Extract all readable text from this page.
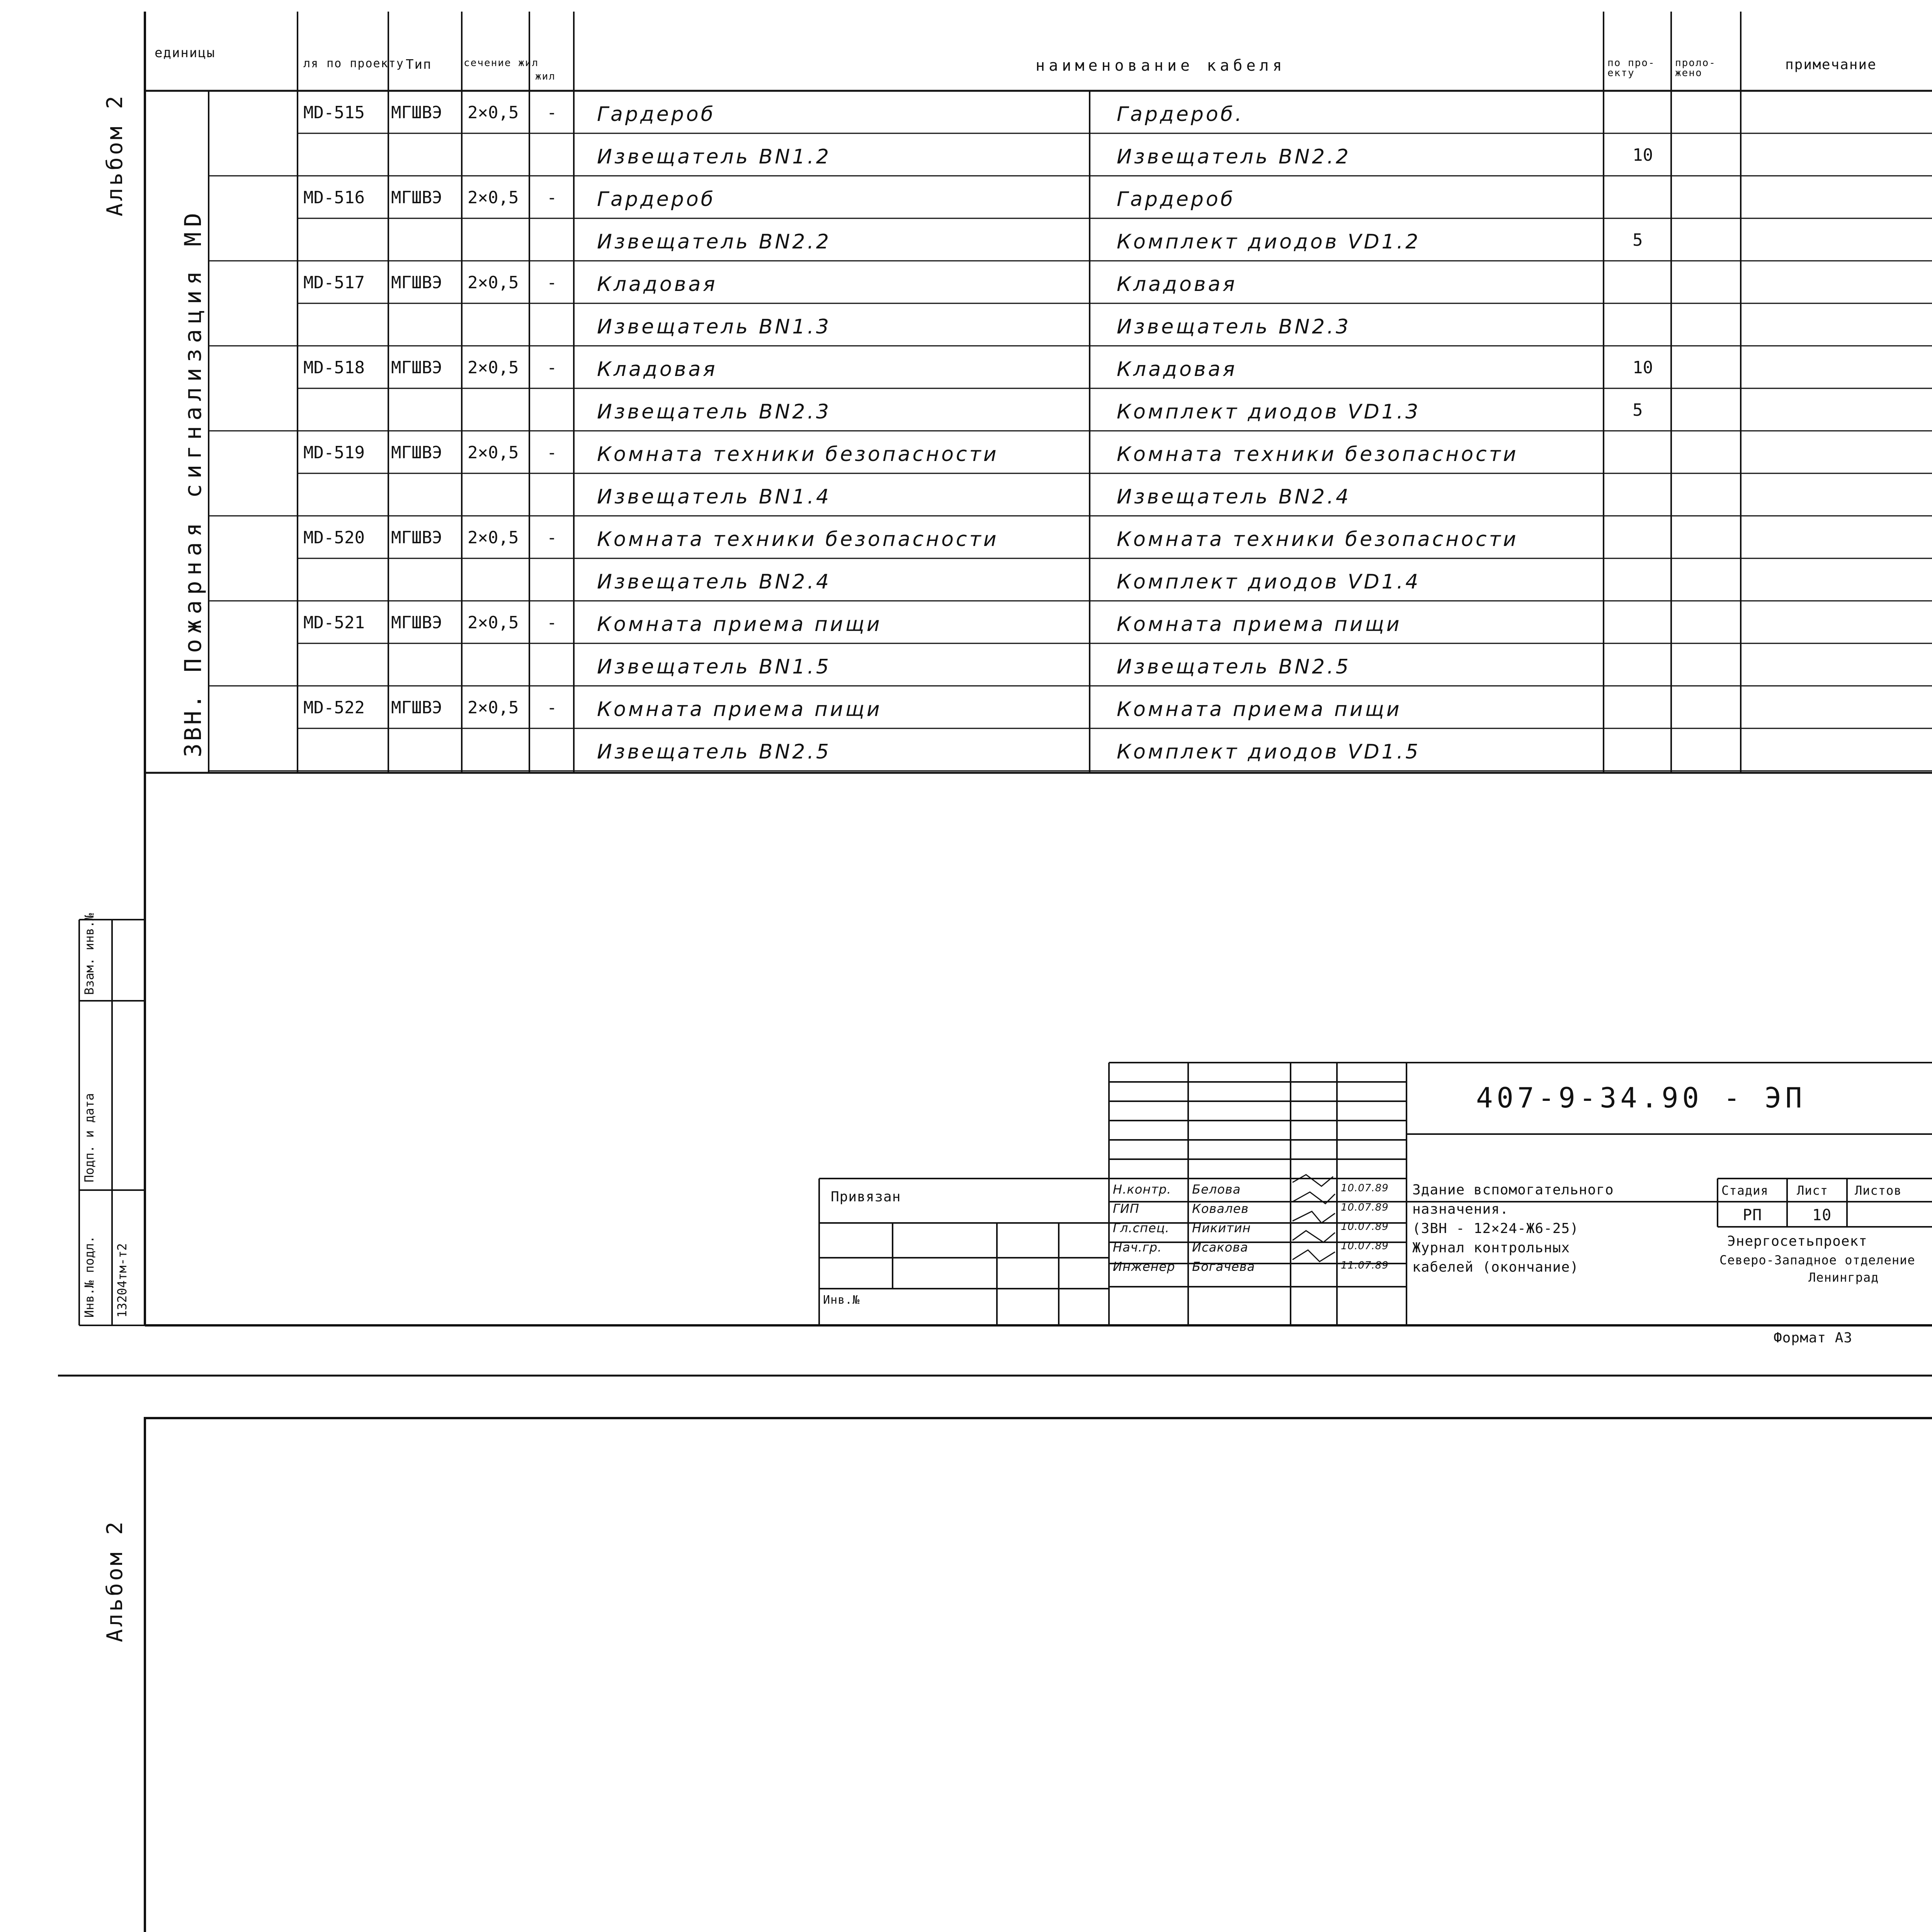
единицы
ля по проекту Тип	сечение жил
жил
наименование кабеля	по про- екту
проло- жено
примечание
MD-515 МГШВЭ 2×0,5 - Гардероб	Гардероб.
Извещатель ВN1.2	Извещатель ВN2.2	10
MD-516 МГШВЭ 2×0,5 - Гардероб	Гардероб
Извещатель ВN2.2	Комплект диодов VD1.2	5
MD-517 МГШВЭ 2×0,5 - Кладовая	Кладовая
Извещатель ВN1.3	Извещатель ВN2.3
MD-518 МГШВЭ 2×0,5 - Кладовая	Кладовая	10
Извещатель ВN2.3	Комплект диодов VD1.3	5
MD-519 МГШВЭ 2×0,5 - Комната техники безопасности	Комната техники безопасности
Извещатель ВN1.4	Извещатель ВN2.4
MD-520 МГШВЭ 2×0,5 - Комната техники безопасности	Комната техники безопасности
Извещатель ВN2.4	Комплект диодов VD1.4
MD-521 МГШВЭ 2×0,5 - Комната приема пищи	Комната приема пищи
Извещатель ВN1.5	Извещатель ВN2.5
MD-522 МГШВЭ 2×0,5 - Комната приема пищи	Комната приема пищи
Извещатель ВN2.5	Комплект диодов VD1.5
Альбом 2
Пожарная сигнализация MD
ЗВН.
Альбом 2
Инв.№ подл. 13204тм-т2
Подп. и дата
Взам. инв.№
407-9-34.90 - ЭП
Привязан
Инв.№
Н.контр. Белова	10.07.89
ГИП	Ковалев	10.07.89
Гл.спец. Никитин	10.07.89
Нач.гр. Исакова	10.07.89
Инженер Богачева	11.07.89
Здание вспомогательного
назначения.
(ЗВН - 12×24-Ж6-25)
Журнал контрольных
кабелей (окончание)
Стадия Лист Листов
РП	10
Энергосетьпроект
Северо-Западное отделение
Ленинград
Формат А3
